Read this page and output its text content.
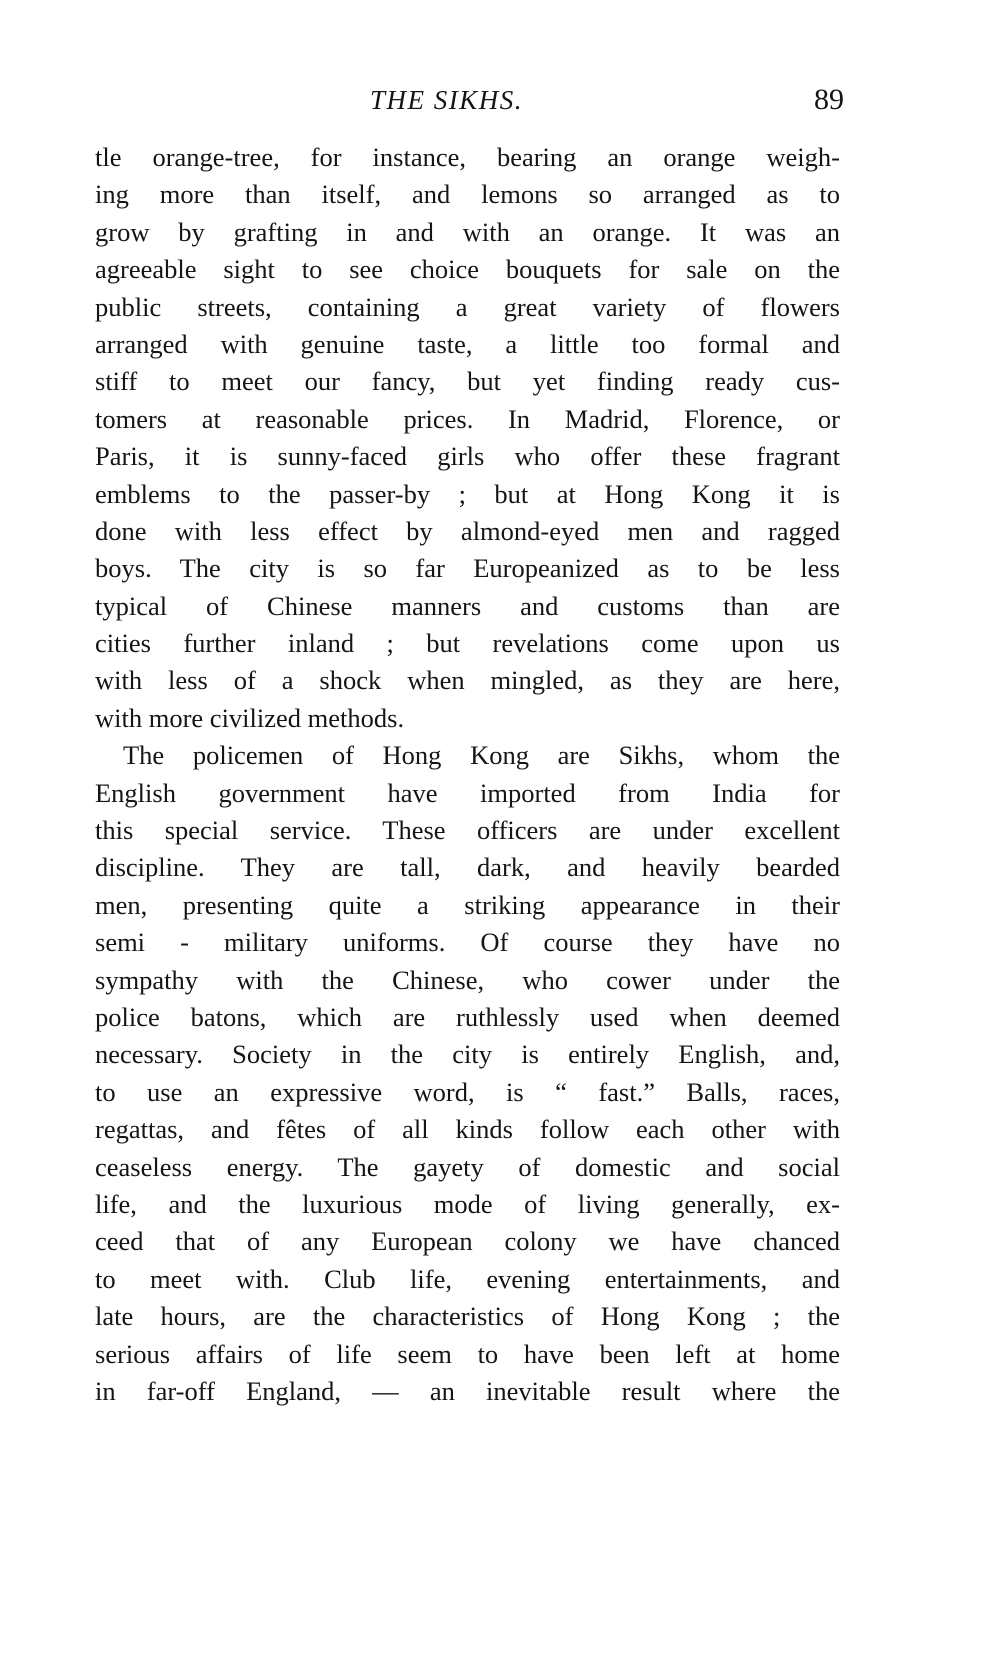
THE SIKHS.	89
tle orange-tree, for instance, bearing an orange weigh-
ing more than itself, and lemons so arranged as to
grow by grafting in and with an orange. It was an
agreeable sight to see choice bouquets for sale on the
public streets, containing a great variety of flowers
arranged with genuine taste, a little too formal and
stiff to meet our fancy, but yet finding ready cus-
tomers at reasonable prices. In Madrid, Florence, or
Paris, it is sunny-faced girls who offer these fragrant
emblems to the passer-by ; but at Hong Kong it is
done with less effect by almond-eyed men and ragged
boys. The city is so far Europeanized as to be less
typical of Chinese manners and customs than are
cities further inland ; but revelations come upon us
with less of a shock when mingled, as they are here,
with more civilized methods.
The policemen of Hong Kong are Sikhs, whom the
English government have imported from India for
this special service. These officers are under excellent
discipline. They are tall, dark, and heavily bearded
men, presenting quite a striking appearance in their
semi - military uniforms. Of course they have no
sympathy with the Chinese, who cower under the
police batons, which are ruthlessly used when deemed
necessary. Society in the city is entirely English, and,
to use an expressive word, is “ fast.” Balls, races,
regattas, and fêtes of all kinds follow each other with
ceaseless energy. The gayety of domestic and social
life, and the luxurious mode of living generally, ex-
ceed that of any European colony we have chanced
to meet with. Club life, evening entertainments, and
late hours, are the characteristics of Hong Kong ; the
serious affairs of life seem to have been left at home
in far-off England, — an inevitable result where the
